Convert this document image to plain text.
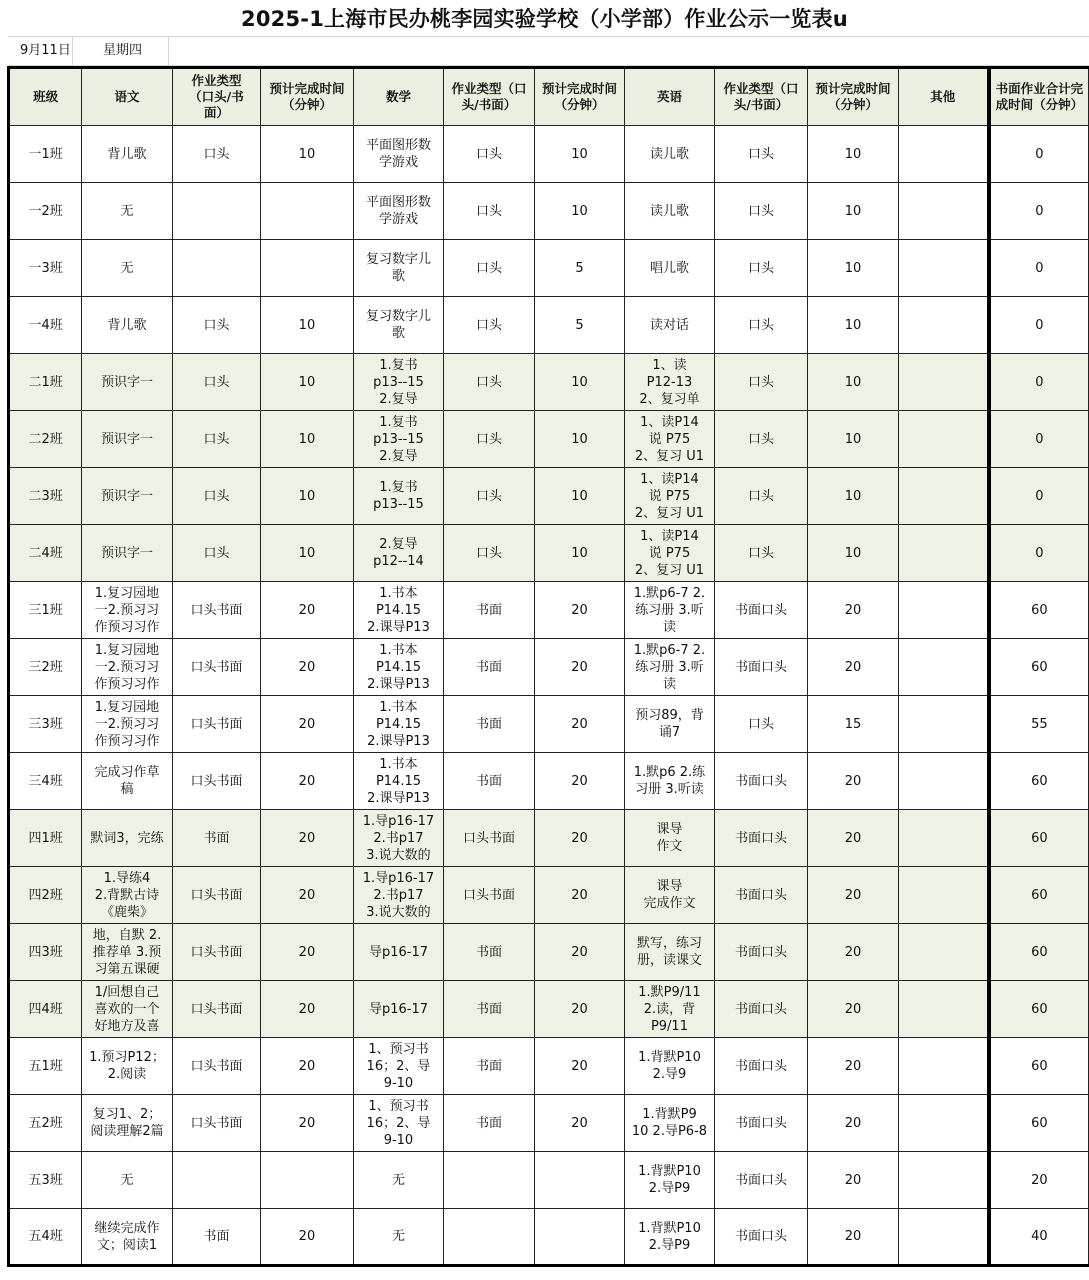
2025-1上海市民办桃李园实验学校（小学部）作业公示一览表u
9月11日 星期四
班级	语文	作业类型
（口头/书
面）	预计完成时间
（分钟）	数学	作业类型（口
头/书面）	预计完成时间
（分钟）	英语	作业类型（口
头/书面）	预计完成时间
（分钟）	其他	书面作业合计完
成时间（分钟）

一1班	背儿歌	口头	10	平面图形数
学游戏	口头	10	读儿歌	口头	10		0

一2班	无			平面图形数
学游戏	口头	10	读儿歌	口头	10		0

一3班	无			复习数字儿
歌	口头	5	唱儿歌	口头	10		0

一4班	背儿歌	口头	10	复习数字儿
歌	口头	5	读对话	口头	10		0

二1班	预识字一	口头	10	1.复书
p13--15
2.复导	口头	10	1、读
P12-13
2、复习单	口头	10		0

二2班	预识字一	口头	10	1.复书
p13--15
2.复导	口头	10	1、读P14
说 P75
2、复习 U1	口头	10		0

二3班	预识字一	口头	10	1.复书
p13--15	口头	10	1、读P14
说 P75
2、复习 U1	口头	10		0

二4班	预识字一	口头	10	2.复导
p12--14	口头	10	1、读P14
说 P75
2、复习 U1	口头	10		0

三1班	1.复习园地
一2.预习习
作预习习作	口头书面	20	1.书本
P14.15
2.课导P13	书面	20	1.默p6-7 2.
练习册 3.听
读	书面口头	20		60

三2班	1.复习园地
一2.预习习
作预习习作	口头书面	20	1.书本
P14.15
2.课导P13	书面	20	1.默p6-7 2.
练习册 3.听
读	书面口头	20		60

三3班	1.复习园地
一2.预习习
作预习习作	口头书面	20	1.书本
P14.15
2.课导P13	书面	20	预习89，背
诵7	口头	15		55

三4班	完成习作草
稿	口头书面	20	1.书本
P14.15
2.课导P13	书面	20	1.默p6 2.练
习册 3.听读	书面口头	20		60

四1班	默词3，完练	书面	20	1.导p16-17
2.书p17
3.说大数的	口头书面	20	课导
作文	书面口头	20		60

四2班	1.导练4
2.背默古诗
《鹿柴》	口头书面	20	1.导p16-17
2.书p17
3.说大数的	口头书面	20	课导
完成作文	书面口头	20		60

四3班	地，自默 2.
推荐单 3.预
习第五课硬	口头书面	20	导p16-17	书面	20	默写，练习
册，读课文	书面口头	20		60

四4班	1/回想自己
喜欢的一个
好地方及喜	口头书面	20	导p16-17	书面	20	1.默P9/11
2.读，背
P9/11	书面口头	20		60

五1班	1.预习P12；
2.阅读	口头书面	20	1、预习书
16；2、导
9-10	书面	20	1.背默P10
2.导9	书面口头	20		60

五2班	复习1、2；
阅读理解2篇	口头书面	20	1、预习书
16；2、导
9-10	书面	20	1.背默P9
10 2.导P6-8	书面口头	20		60

五3班	无			无			1.背默P10
2.导P9	书面口头	20		20

五4班	继续完成作
文；阅读1	书面	20	无			1.背默P10
2.导P9	书面口头	20		40
